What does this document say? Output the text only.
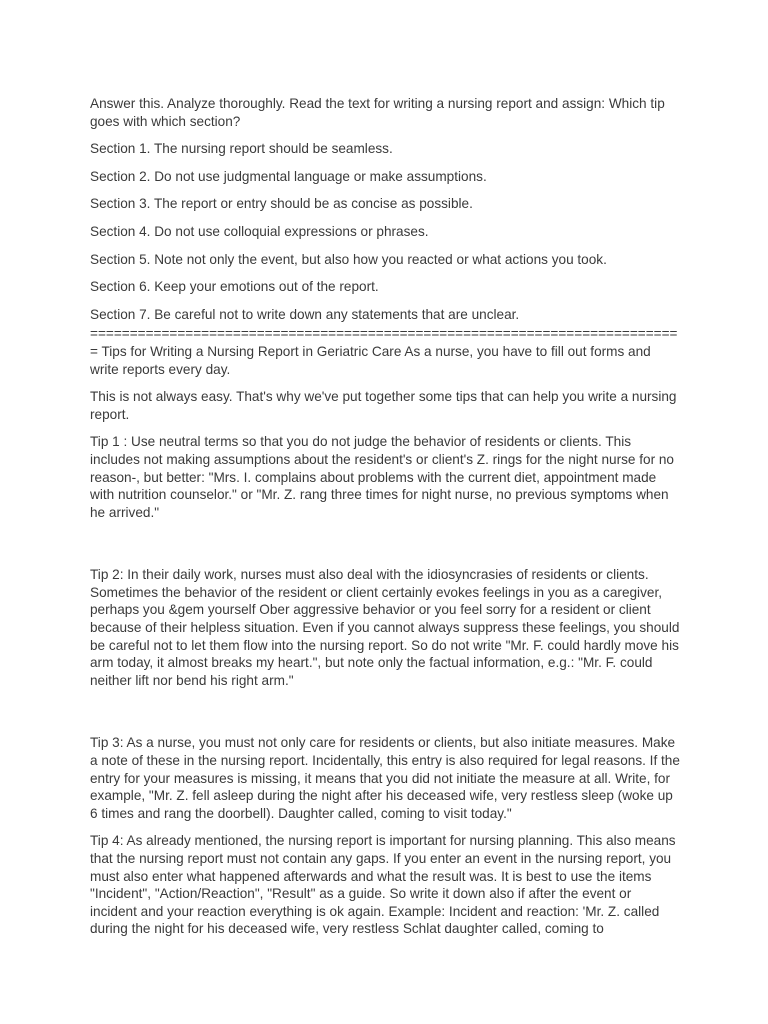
Answer this. Analyze thoroughly. Read the text for writing a nursing report and assign: Which tip goes with which section?

Section 1. The nursing report should be seamless.

Section 2. Do not use judgmental language or make assumptions.

Section 3. The report or entry should be as concise as possible.

Section 4. Do not use colloquial expressions or phrases.

Section 5. Note not only the event, but also how you reacted or what actions you took.

Section 6. Keep your emotions out of the report.

Section 7. Be careful not to write down any statements that are unclear.

==========================================================================

= Tips for Writing a Nursing Report in Geriatric Care As a nurse, you have to fill out forms and write reports every day.

This is not always easy. That's why we've put together some tips that can help you write a nursing report.

Tip 1 : Use neutral terms so that you do not judge the behavior of residents or clients. This includes not making assumptions about the resident's or client's Z. rings for the night nurse for no reason-, but better: "Mrs. I. complains about problems with the current diet, appointment made with nutrition counselor." or "Mr. Z. rang three times for night nurse, no previous symptoms when he arrived."

Tip 2: In their daily work, nurses must also deal with the idiosyncrasies of residents or clients. Sometimes the behavior of the resident or client certainly evokes feelings in you as a caregiver, perhaps you &gem yourself Ober aggressive behavior or you feel sorry for a resident or client because of their helpless situation. Even if you cannot always suppress these feelings, you should be careful not to let them flow into the nursing report. So do not write "Mr. F. could hardly move his arm today, it almost breaks my heart.", but note only the factual information, e.g.: "Mr. F. could neither lift nor bend his right arm."

Tip 3: As a nurse, you must not only care for residents or clients, but also initiate measures. Make a note of these in the nursing report. Incidentally, this entry is also required for legal reasons. If the entry for your measures is missing, it means that you did not initiate the measure at all. Write, for example, "Mr. Z. fell asleep during the night after his deceased wife, very restless sleep (woke up 6 times and rang the doorbell). Daughter called, coming to visit today."

Tip 4: As already mentioned, the nursing report is important for nursing planning. This also means that the nursing report must not contain any gaps. If you enter an event in the nursing report, you must also enter what happened afterwards and what the result was. It is best to use the items "Incident", "Action/Reaction", "Result" as a guide. So write it down also if after the event or incident and your reaction everything is ok again. Example: Incident and reaction: 'Mr. Z. called during the night for his deceased wife, very restless Schlat daughter called, coming to
